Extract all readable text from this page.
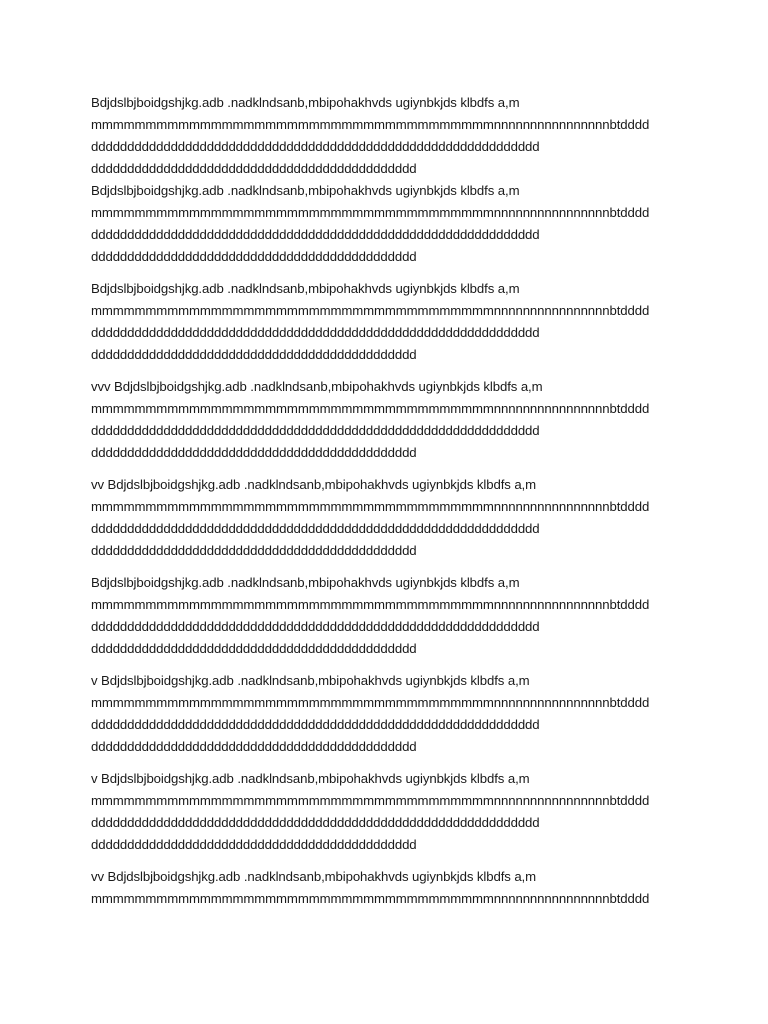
Bdjdslbjboidgshjkg.adb .nadklndsanb,mbipohakhvds ugiynbkjds klbdfs a,m
mmmmmmmmmmmmmmmmmmmmmmmmmmmmmmmmmmmmmnnnnnnnnnnnnnnnnbtdddd
dddddddddddddddddddddddddddddddddddddddddddddddddddddddddddddd
ddddddddddddddddddddddddddddddddddddddddddddd
Bdjdslbjboidgshjkg.adb .nadklndsanb,mbipohakhvds ugiynbkjds klbdfs a,m
mmmmmmmmmmmmmmmmmmmmmmmmmmmmmmmmmmmmmnnnnnnnnnnnnnnnnbtdddd
dddddddddddddddddddddddddddddddddddddddddddddddddddddddddddddd
ddddddddddddddddddddddddddddddddddddddddddddd
Bdjdslbjboidgshjkg.adb .nadklndsanb,mbipohakhvds ugiynbkjds klbdfs a,m
mmmmmmmmmmmmmmmmmmmmmmmmmmmmmmmmmmmmmnnnnnnnnnnnnnnnnbtdddd
dddddddddddddddddddddddddddddddddddddddddddddddddddddddddddddd
ddddddddddddddddddddddddddddddddddddddddddddd
vvv Bdjdslbjboidgshjkg.adb .nadklndsanb,mbipohakhvds ugiynbkjds klbdfs a,m
mmmmmmmmmmmmmmmmmmmmmmmmmmmmmmmmmmmmmnnnnnnnnnnnnnnnnbtdddd
dddddddddddddddddddddddddddddddddddddddddddddddddddddddddddddd
ddddddddddddddddddddddddddddddddddddddddddddd
vv Bdjdslbjboidgshjkg.adb .nadklndsanb,mbipohakhvds ugiynbkjds klbdfs a,m
mmmmmmmmmmmmmmmmmmmmmmmmmmmmmmmmmmmmmnnnnnnnnnnnnnnnnbtdddd
dddddddddddddddddddddddddddddddddddddddddddddddddddddddddddddd
ddddddddddddddddddddddddddddddddddddddddddddd
Bdjdslbjboidgshjkg.adb .nadklndsanb,mbipohakhvds ugiynbkjds klbdfs a,m
mmmmmmmmmmmmmmmmmmmmmmmmmmmmmmmmmmmmmnnnnnnnnnnnnnnnnbtdddd
dddddddddddddddddddddddddddddddddddddddddddddddddddddddddddddd
ddddddddddddddddddddddddddddddddddddddddddddd
v Bdjdslbjboidgshjkg.adb .nadklndsanb,mbipohakhvds ugiynbkjds klbdfs a,m
mmmmmmmmmmmmmmmmmmmmmmmmmmmmmmmmmmmmmnnnnnnnnnnnnnnnnbtdddd
dddddddddddddddddddddddddddddddddddddddddddddddddddddddddddddd
ddddddddddddddddddddddddddddddddddddddddddddd
v Bdjdslbjboidgshjkg.adb .nadklndsanb,mbipohakhvds ugiynbkjds klbdfs a,m
mmmmmmmmmmmmmmmmmmmmmmmmmmmmmmmmmmmmmnnnnnnnnnnnnnnnnbtdddd
dddddddddddddddddddddddddddddddddddddddddddddddddddddddddddddd
ddddddddddddddddddddddddddddddddddddddddddddd
vv Bdjdslbjboidgshjkg.adb .nadklndsanb,mbipohakhvds ugiynbkjds klbdfs a,m
mmmmmmmmmmmmmmmmmmmmmmmmmmmmmmmmmmmmmnnnnnnnnnnnnnnnnbtdddd
